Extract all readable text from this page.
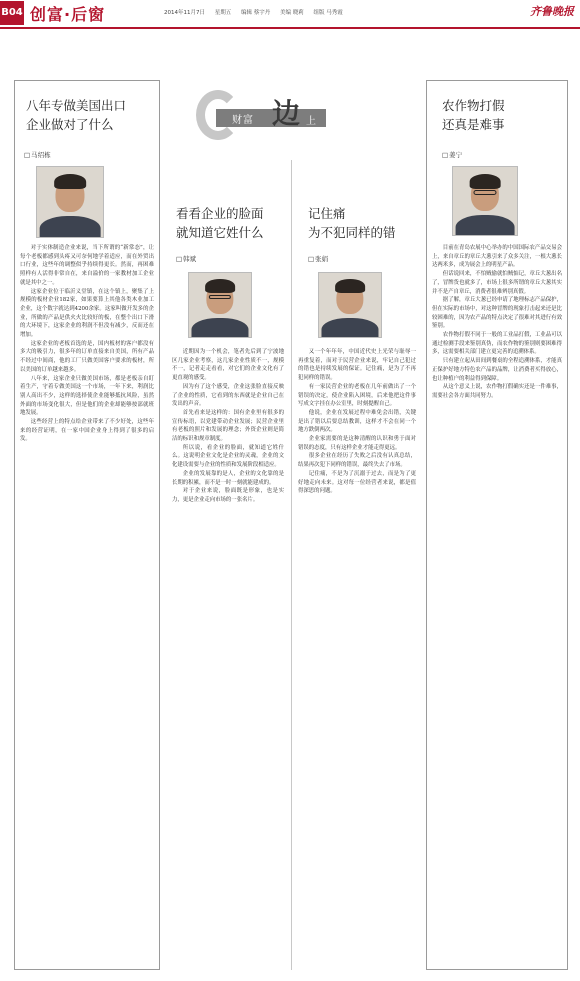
B04 创富·后窗	2014年11月7日 星期五 编辑 蔡宇丹 美编 晓莉 组版 马秀霞	齐鲁晚报
财富 边 上
八年专做美国出口
企业做对了什么
□ 马绍栋

对于实体制造企业来说，当下所谓的“新常态”，让每个老板都感到头疼又可奈何地学着适应，而在外贸出口行业，这些年的调整似乎持续得更长。然而，再困难照样有人活得非常自在，来自溢价的一家教材加工企业就是其中之一。

这家企业位于临沂义堂镇，在这个镇上，聚集了上规模的板材企业182家，如果要算上其他各类木业加工企业，这个数字就达到4200余家。这家叫做开发多的企业，所做的产品是供火火比较好的板，在整个出口下滑的大环境下，这家企业的利润不但没有减少，反而还在增加。

这家企业的老板首选的是，国内板材的客户都没有多大的吸引力，很多年的订单直接来自美国，所有产品不经过中间商，他的工厂只做美国客户要求的板材，所以美国的订单越来越多。

八年来，这家企业只做美国市场，都是老板亲自盯着生产，守着专做美国这一个市场，一年下来，利润比别人高出不少，这样的选择使企业能够抵抗风险，虽然外面的市场变化很大，但是他们的企业却能够按部就班地发展。

这些经营上的特点给企业带来了不少好处，这些年来的经营证明，在一家中国企业身上得到了很多的启发。

看看企业的脸面
就知道它姓什么
□ 韩斌

近期因为一个机会，笔者先后到了宁波地区几家企业考察，这几家企业性质不一，规模不一，记者走走看看，对它们的企业文化有了更直观的感受。

因为有了这个感受，企业这张脸直接反映了企业的性质，它看到的东西就是企业自己在发出的声音。

首先看来是这样的：国有企业里有很多的宣传标语，以党建带动企业发展；民营企业里有老板的照片和发展的理念；外资企业则是简洁的标识和规章制度。

所以说，看企业的脸面，就知道它姓什么。这说明企业文化是企业的灵魂，企业的文化建设需要与企业的性质和发展阶段相适应。

企业的发展靠的是人，企业的文化靠的是长期的积累，而不是一时一刻就能建成的。

对于企业来说，脸面既是形象，也是实力，更是企业走向市场的一张名片。

记住痛
为不犯同样的错
□ 张娟

又一个年年年，中国近代史上光荣与耻辱一再重复着，而对于民营企业来说，牢记自己犯过的错也是持续发展的保证。记住痛，是为了不再犯同样的错误。

有一家民营企业的老板在几年前做出了一个错误的决定，使企业陷入困境，后来他把这件事写成文字挂在办公室里，时刻提醒自己。

他说，企业在发展过程中难免会出错，关键是出了错以后要总结教训，这样才不会在同一个地方跌倒两次。

企业家需要的是这种清醒的认识和勇于面对错误的态度，只有这样企业才能走得更远。

很多企业在经历了失败之后没有认真总结，结果再次犯下同样的错误，最终失去了市场。

记住痛，不是为了沉溺于过去，而是为了更好地走向未来。这对每一位经营者来说，都是值得深思的问题。

农作物打假
还真是难事
□ 姜宁

目前在青岛农展中心举办的中国国际农产品交易会上，来自章丘的章丘大葱引来了众多关注，一根大葱长达两米多，成为展会上的明星产品。

但话说回来，不怕贼偷就怕贼惦记，章丘大葱出名了，冒牌货也就多了，市场上很多所谓的章丘大葱其实并不是产自章丘，消费者很难辨别真假。

据了解，章丘大葱已经申请了地理标志产品保护，但在实际的市场中，对这种冒牌的现象打击起来还是比较困难的，因为农产品的特点决定了很难对其进行有效鉴别。

农作物打假不同于一般的工业品打假，工业品可以通过检测手段来鉴别真伪，而农作物的鉴别则要困难得多，这需要相关部门建立更完善的追溯体系。

只有建立起从田间到餐桌的全程追溯体系，才能真正保护好地方特色农产品的品牌，让消费者买得放心，也让种植户的利益得到保障。

从这个意义上说，农作物打假确实还是一件难事，需要社会各方面共同努力。
